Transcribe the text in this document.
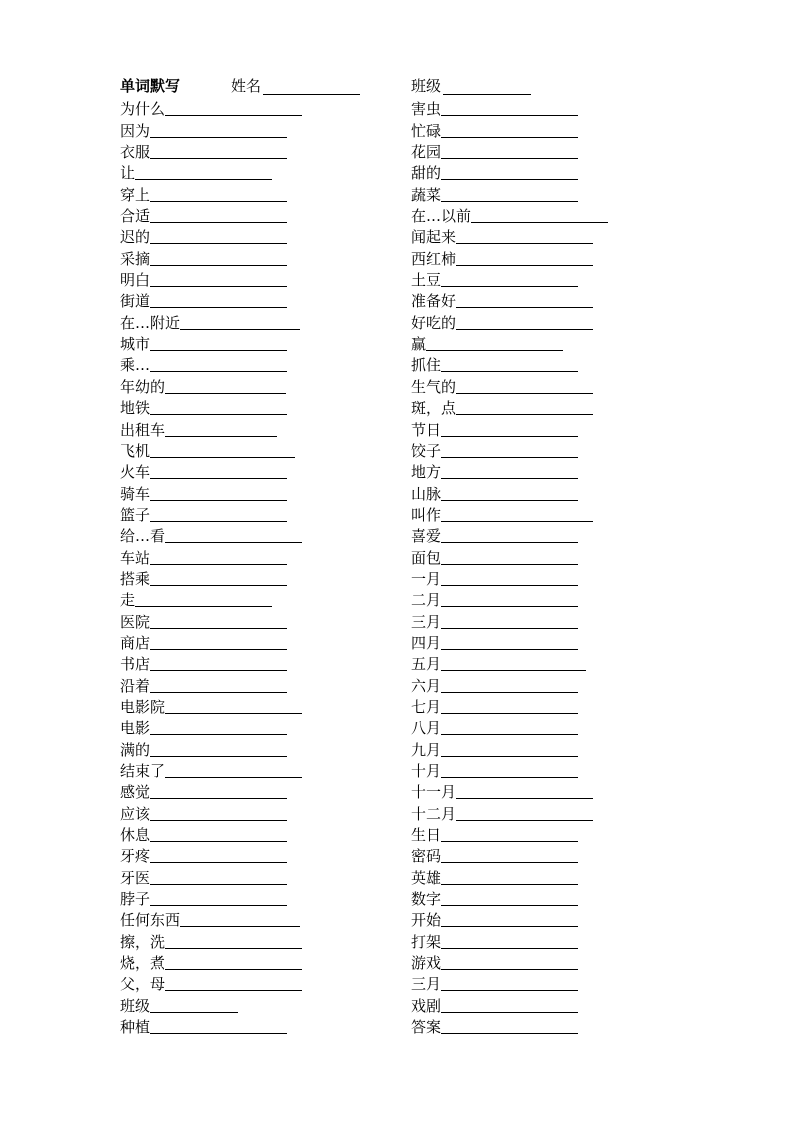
单词默写	姓名	班级
为什么
因为
衣服
让
穿上
合适
迟的
采摘
明白
街道
在…附近
城市
乘…
年幼的
地铁
出租车
飞机
火车
骑车
篮子
给…看
车站
搭乘
走
医院
商店
书店
沿着
电影院
电影
满的
结束了
感觉
应该
休息
牙疼
牙医
脖子
任何东西
擦，洗
烧，煮
父，母
班级
种植
害虫
忙碌
花园
甜的
蔬菜
在…以前
闻起来
西红柿
土豆
准备好
好吃的
赢
抓住
生气的
斑，点
节日
饺子
地方
山脉
叫作
喜爱
面包
一月
二月
三月
四月
五月
六月
七月
八月
九月
十月
十一月
十二月
生日
密码
英雄
数字
开始
打架
游戏
三月
戏剧
答案
